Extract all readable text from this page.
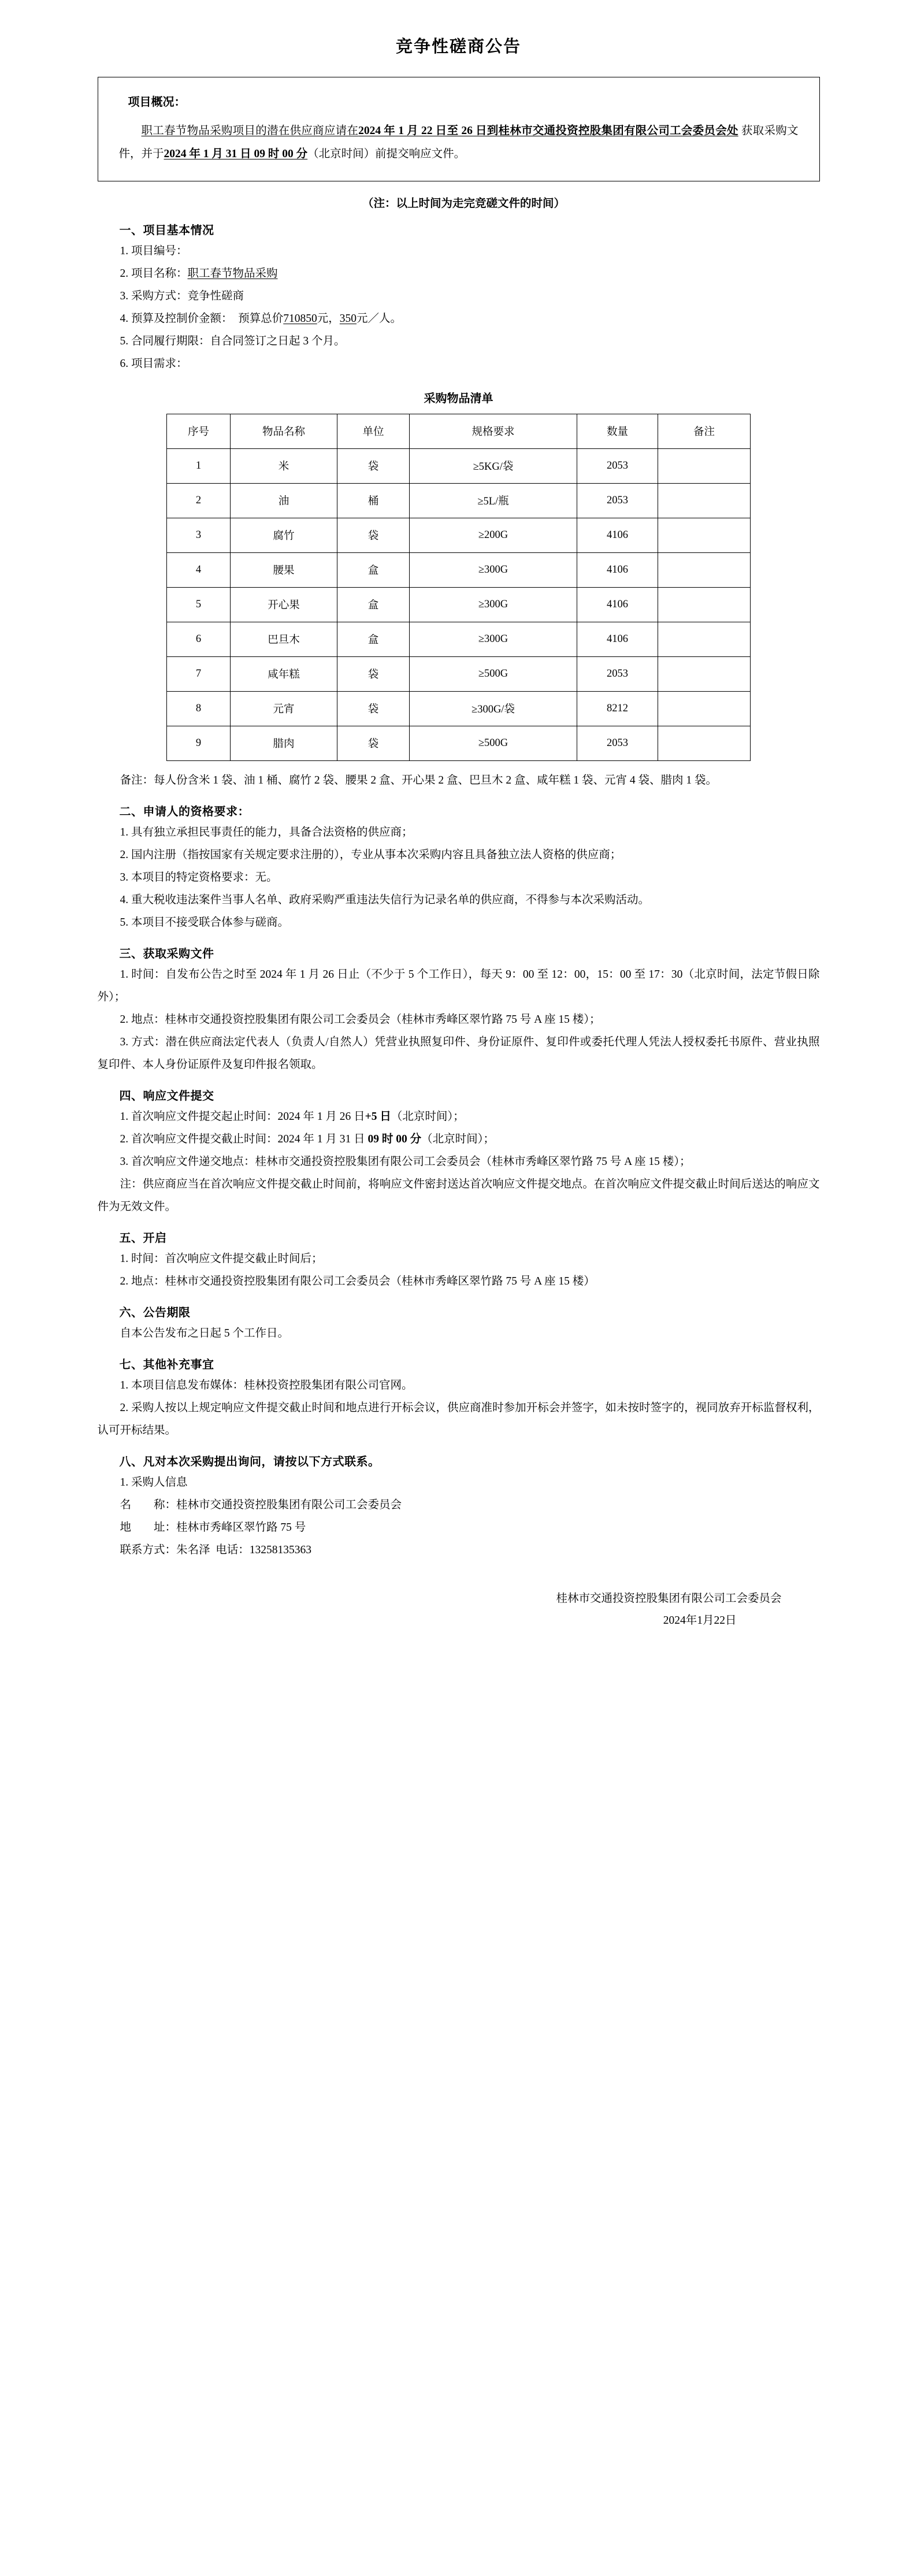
竞争性磋商公告
项目概况：
职工春节物品采购项目的潜在供应商应请在2024 年 1 月 22 日至 26 日到桂林市交通投资控股集团有限公司工会委员会处 获取采购文件，并于2024 年 1 月 31 日 09 时 00 分（北京时间）前提交响应文件。
（注：以上时间为走完竞磋文件的时间）
一、项目基本情况

1. 项目编号：

2. 项目名称：职工春节物品采购

3. 采购方式：竞争性磋商

4. 预算及控制价金额： 预算总价710850元，350元／人。

5. 合同履行期限：自合同签订之日起 3 个月。

6. 项目需求：

采购物品清单
序号	物品名称	单位	规格要求	数量	备注
1	米	袋	≥5KG/袋	2053	
2	油	桶	≥5L/瓶	2053	
3	腐竹	袋	≥200G	4106	
4	腰果	盒	≥300G	4106	
5	开心果	盒	≥300G	4106	
6	巴旦木	盒	≥300G	4106	
7	咸年糕	袋	≥500G	2053	
8	元宵	袋	≥300G/袋	8212	
9	腊肉	袋	≥500G	2053	

备注：每人份含米 1 袋、油 1 桶、腐竹 2 袋、腰果 2 盒、开心果 2 盒、巴旦木 2 盒、咸年糕 1 袋、元宵 4 袋、腊肉 1 袋。

二、申请人的资格要求：

1. 具有独立承担民事责任的能力，具备合法资格的供应商；

2. 国内注册（指按国家有关规定要求注册的），专业从事本次采购内容且具备独立法人资格的供应商；

3. 本项目的特定资格要求：无。

4. 重大税收违法案件当事人名单、政府采购严重违法失信行为记录名单的供应商，不得参与本次采购活动。

5. 本项目不接受联合体参与磋商。

三、获取采购文件

1. 时间：自发布公告之时至 2024 年 1 月 26 日止（不少于 5 个工作日），每天 9：00 至 12：00，15：00 至 17：30（北京时间，法定节假日除外）；

2. 地点：桂林市交通投资控股集团有限公司工会委员会（桂林市秀峰区翠竹路 75 号 A 座 15 楼）；

3. 方式：潜在供应商法定代表人（负责人/自然人）凭营业执照复印件、身份证原件、复印件或委托代理人凭法人授权委托书原件、营业执照复印件、本人身份证原件及复印件报名领取。

四、响应文件提交

1. 首次响应文件提交起止时间：2024 年 1 月 26 日+5 日（北京时间）；

2. 首次响应文件提交截止时间：2024 年 1 月 31 日 09 时 00 分（北京时间）；

3. 首次响应文件递交地点：桂林市交通投资控股集团有限公司工会委员会（桂林市秀峰区翠竹路 75 号 A 座 15 楼）；

注：供应商应当在首次响应文件提交截止时间前，将响应文件密封送达首次响应文件提交地点。在首次响应文件提交截止时间后送达的响应文件为无效文件。

五、开启

1. 时间：首次响应文件提交截止时间后；

2. 地点：桂林市交通投资控股集团有限公司工会委员会（桂林市秀峰区翠竹路 75 号 A 座 15 楼）

六、公告期限

自本公告发布之日起 5 个工作日。

七、其他补充事宜

1. 本项目信息发布媒体：桂林投资控股集团有限公司官网。

2. 采购人按以上规定响应文件提交截止时间和地点进行开标会议，供应商准时参加开标会并签字，如未按时签字的，视同放弃开标监督权利，认可开标结果。

八、凡对本次采购提出询问，请按以下方式联系。

1. 采购人信息

名　　称：桂林市交通投资控股集团有限公司工会委员会

地　　址：桂林市秀峰区翠竹路 75 号

联系方式：朱名泽 电话：13258135363

桂林市交通投资控股集团有限公司工会委员会
2024年1月22日
